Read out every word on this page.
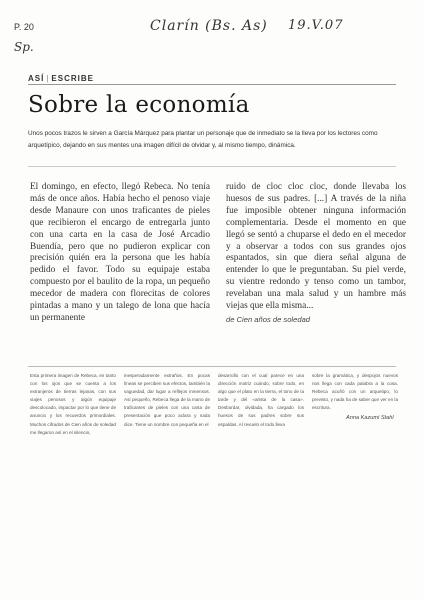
P. 20
Sp.
Clarín (Bs. As) 19.V.07
ASÍ | ESCRIBE
Sobre la economía

Unos pocos trazos le sirven a García Márquez para plantar un personaje que de inmediato se la lleva por los lectores como arquetípico, dejando en sus mentes una imagen difícil de olvidar y, al mismo tiempo, dinámica.

El domingo, en efecto, llegó Rebeca. No tenía más de once años. Había hecho el penoso viaje desde Manaure con unos traficantes de pieles que recibieron el encargo de entregarla junto con una carta en la casa de José Arcadio Buendía, pero que no pudieron explicar con precisión quién era la persona que les había pedido el favor. Todo su equipaje estaba compuesto por el baulito de la ropa, un pequeño mecedor de madera con florecitas de colores pintadas a mano y un talego de lona que hacía un permanente
ruido de cloc cloc cloc, donde llevaba los huesos de sus padres. [...] A través de la niña fue imposible obtener ninguna información complementaria. Desde el momento en que llegó se sentó a chuparse el dedo en el mecedor y a observar a todos con sus grandes ojos espantados, sin que diera señal alguna de entender lo que le preguntaban. Su piel verde, su vientre redondo y tenso como un tambor, revelaban una mala salud y un hambre más viejas que ella misma...
de Cien años de soledad
Esta primera imagen de Rebeca, en tanto con los ojos que se cuenta a los extranjeros de tierras lejanas, con sus viajes penosos y algún equipaje descolocado, impactar por lo que tiene de anuncio y los recuerdos primordiales. Muchos cifrados de Cien años de soledad me llegaron así en el silencio,
inesperadamente extraños. En pocas líneas se perciben sus efectos, también la vaguedad, dar lugar a reflejos inmensos. Así pequeño, Rebeca llega de la mano de traficantes de pieles con una carta de presentación que poco aclara y nada dice. Tiene un nombre con pequeña en el
desarrollo con el cual parece en una dirección motriz cuándo, sobre todo, en algo que el plato en la tierra, el tono de la tarde y del «arista de la casa». Desbordar, olvidada, ha cargado los huesos de sus padres sobre sus espaldas. Al revuelo el todo lleva
sobre la gramática, y despojos nuevos nos llega con cada palabra a la cosa. Rebeca acuñó con un arquetipo, lo previsto, y nada ha de saber que ver en la escritura.
Anna Kazumi Stahl
